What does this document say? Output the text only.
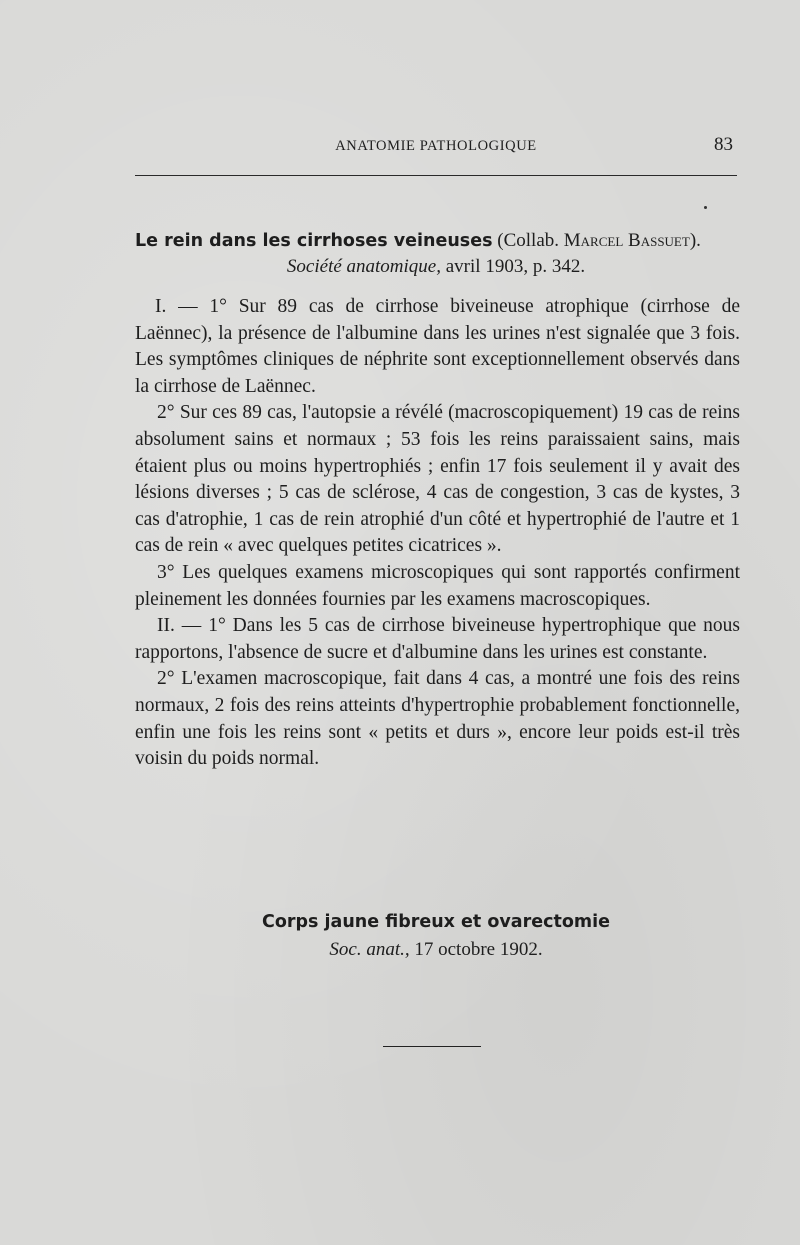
ANATOMIE PATHOLOGIQUE	83
Le rein dans les cirrhoses veineuses (Collab. Marcel Bassuet).
Société anatomique, avril 1903, p. 342.

I. — 1° Sur 89 cas de cirrhose biveineuse atrophique (cirrhose de Laënnec), la présence de l'albumine dans les urines n'est signalée que 3 fois. Les symptômes cliniques de néphrite sont exceptionnellement observés dans la cirrhose de Laënnec.

2° Sur ces 89 cas, l'autopsie a révélé (macroscopiquement) 19 cas de reins absolument sains et normaux ; 53 fois les reins paraissaient sains, mais étaient plus ou moins hypertrophiés ; enfin 17 fois seulement il y avait des lésions diverses ; 5 cas de sclérose, 4 cas de congestion, 3 cas de kystes, 3 cas d'atrophie, 1 cas de rein atrophié d'un côté et hypertrophié de l'autre et 1 cas de rein « avec quelques petites cicatrices ».

3° Les quelques examens microscopiques qui sont rapportés confirment pleinement les données fournies par les examens macroscopiques.

II. — 1° Dans les 5 cas de cirrhose biveineuse hypertrophique que nous rapportons, l'absence de sucre et d'albumine dans les urines est constante.

2° L'examen macroscopique, fait dans 4 cas, a montré une fois des reins normaux, 2 fois des reins atteints d'hypertrophie probablement fonctionnelle, enfin une fois les reins sont « petits et durs », encore leur poids est-il très voisin du poids normal.

Corps jaune fibreux et ovarectomie
Soc. anat., 17 octobre 1902.
